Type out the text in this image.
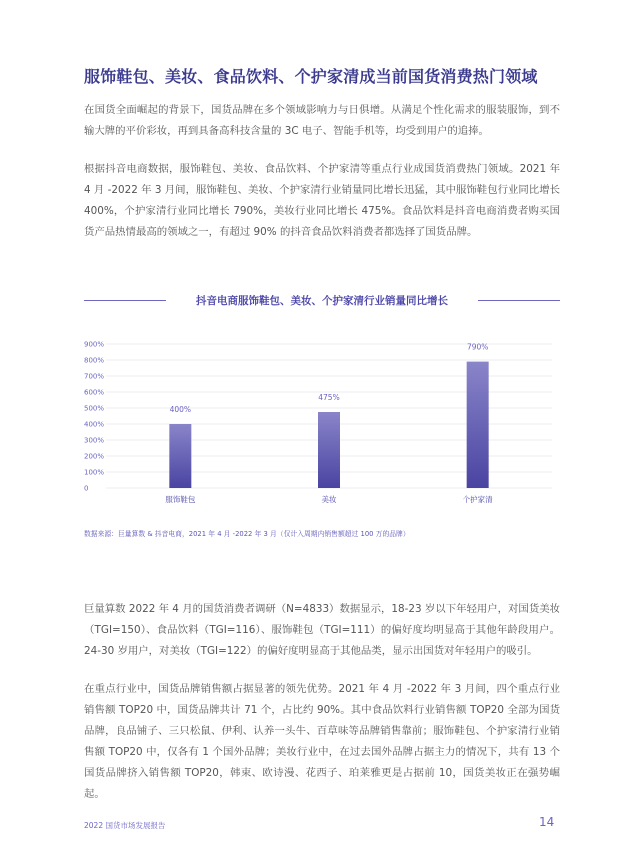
服饰鞋包、美妆、食品饮料、个护家清成当前国货消费热门领域
在国货全面崛起的背景下，国货品牌在多个领域影响力与日俱增。从满足个性化需求的服装服饰，到不输大牌的平价彩妆，再到具备高科技含量的 3C 电子、智能手机等，均受到用户的追捧。
根据抖音电商数据，服饰鞋包、美妆、食品饮料、个护家清等重点行业成国货消费热门领域。2021 年 4 月 -2022 年 3 月间，服饰鞋包、美妆、个护家清行业销量同比增长迅猛，其中服饰鞋包行业同比增长 400%，个护家清行业同比增长 790%，美妆行业同比增长 475%。食品饮料是抖音电商消费者购买国货产品热情最高的领域之一，有超过 90% 的抖音食品饮料消费者都选择了国货品牌。
抖音电商服饰鞋包、美妆、个护家清行业销量同比增长
0
100%
200%
300%
400%
500%
600%
700%
800%
900%
400%
服饰鞋包
475%
美妆
790%
个护家清
数据来源：巨量算数 & 抖音电商，2021 年 4 月 -2022 年 3 月（仅计入周期内销售额超过 100 万的品牌）
巨量算数 2022 年 4 月的国货消费者调研（N=4833）数据显示，18-23 岁以下年轻用户，对国货美妆（TGI=150）、食品饮料（TGI=116）、服饰鞋包（TGI=111）的偏好度均明显高于其他年龄段用户。24-30 岁用户，对美妆（TGI=122）的偏好度明显高于其他品类，显示出国货对年轻用户的吸引。
在重点行业中，国货品牌销售额占据显著的领先优势。2021 年 4 月 -2022 年 3 月间，四个重点行业销售额 TOP20 中，国货品牌共计 71 个，占比约 90%。其中食品饮料行业销售额 TOP20 全部为国货品牌，良品铺子、三只松鼠、伊利、认养一头牛、百草味等品牌销售靠前；服饰鞋包、个护家清行业销售额 TOP20 中，仅各有 1 个国外品牌；美妆行业中，在过去国外品牌占据主力的情况下，共有 13 个国货品牌挤入销售额 TOP20，韩束、欧诗漫、花西子、珀莱雅更是占据前 10，国货美妆正在强势崛起。
2022 国货市场发展报告	14
